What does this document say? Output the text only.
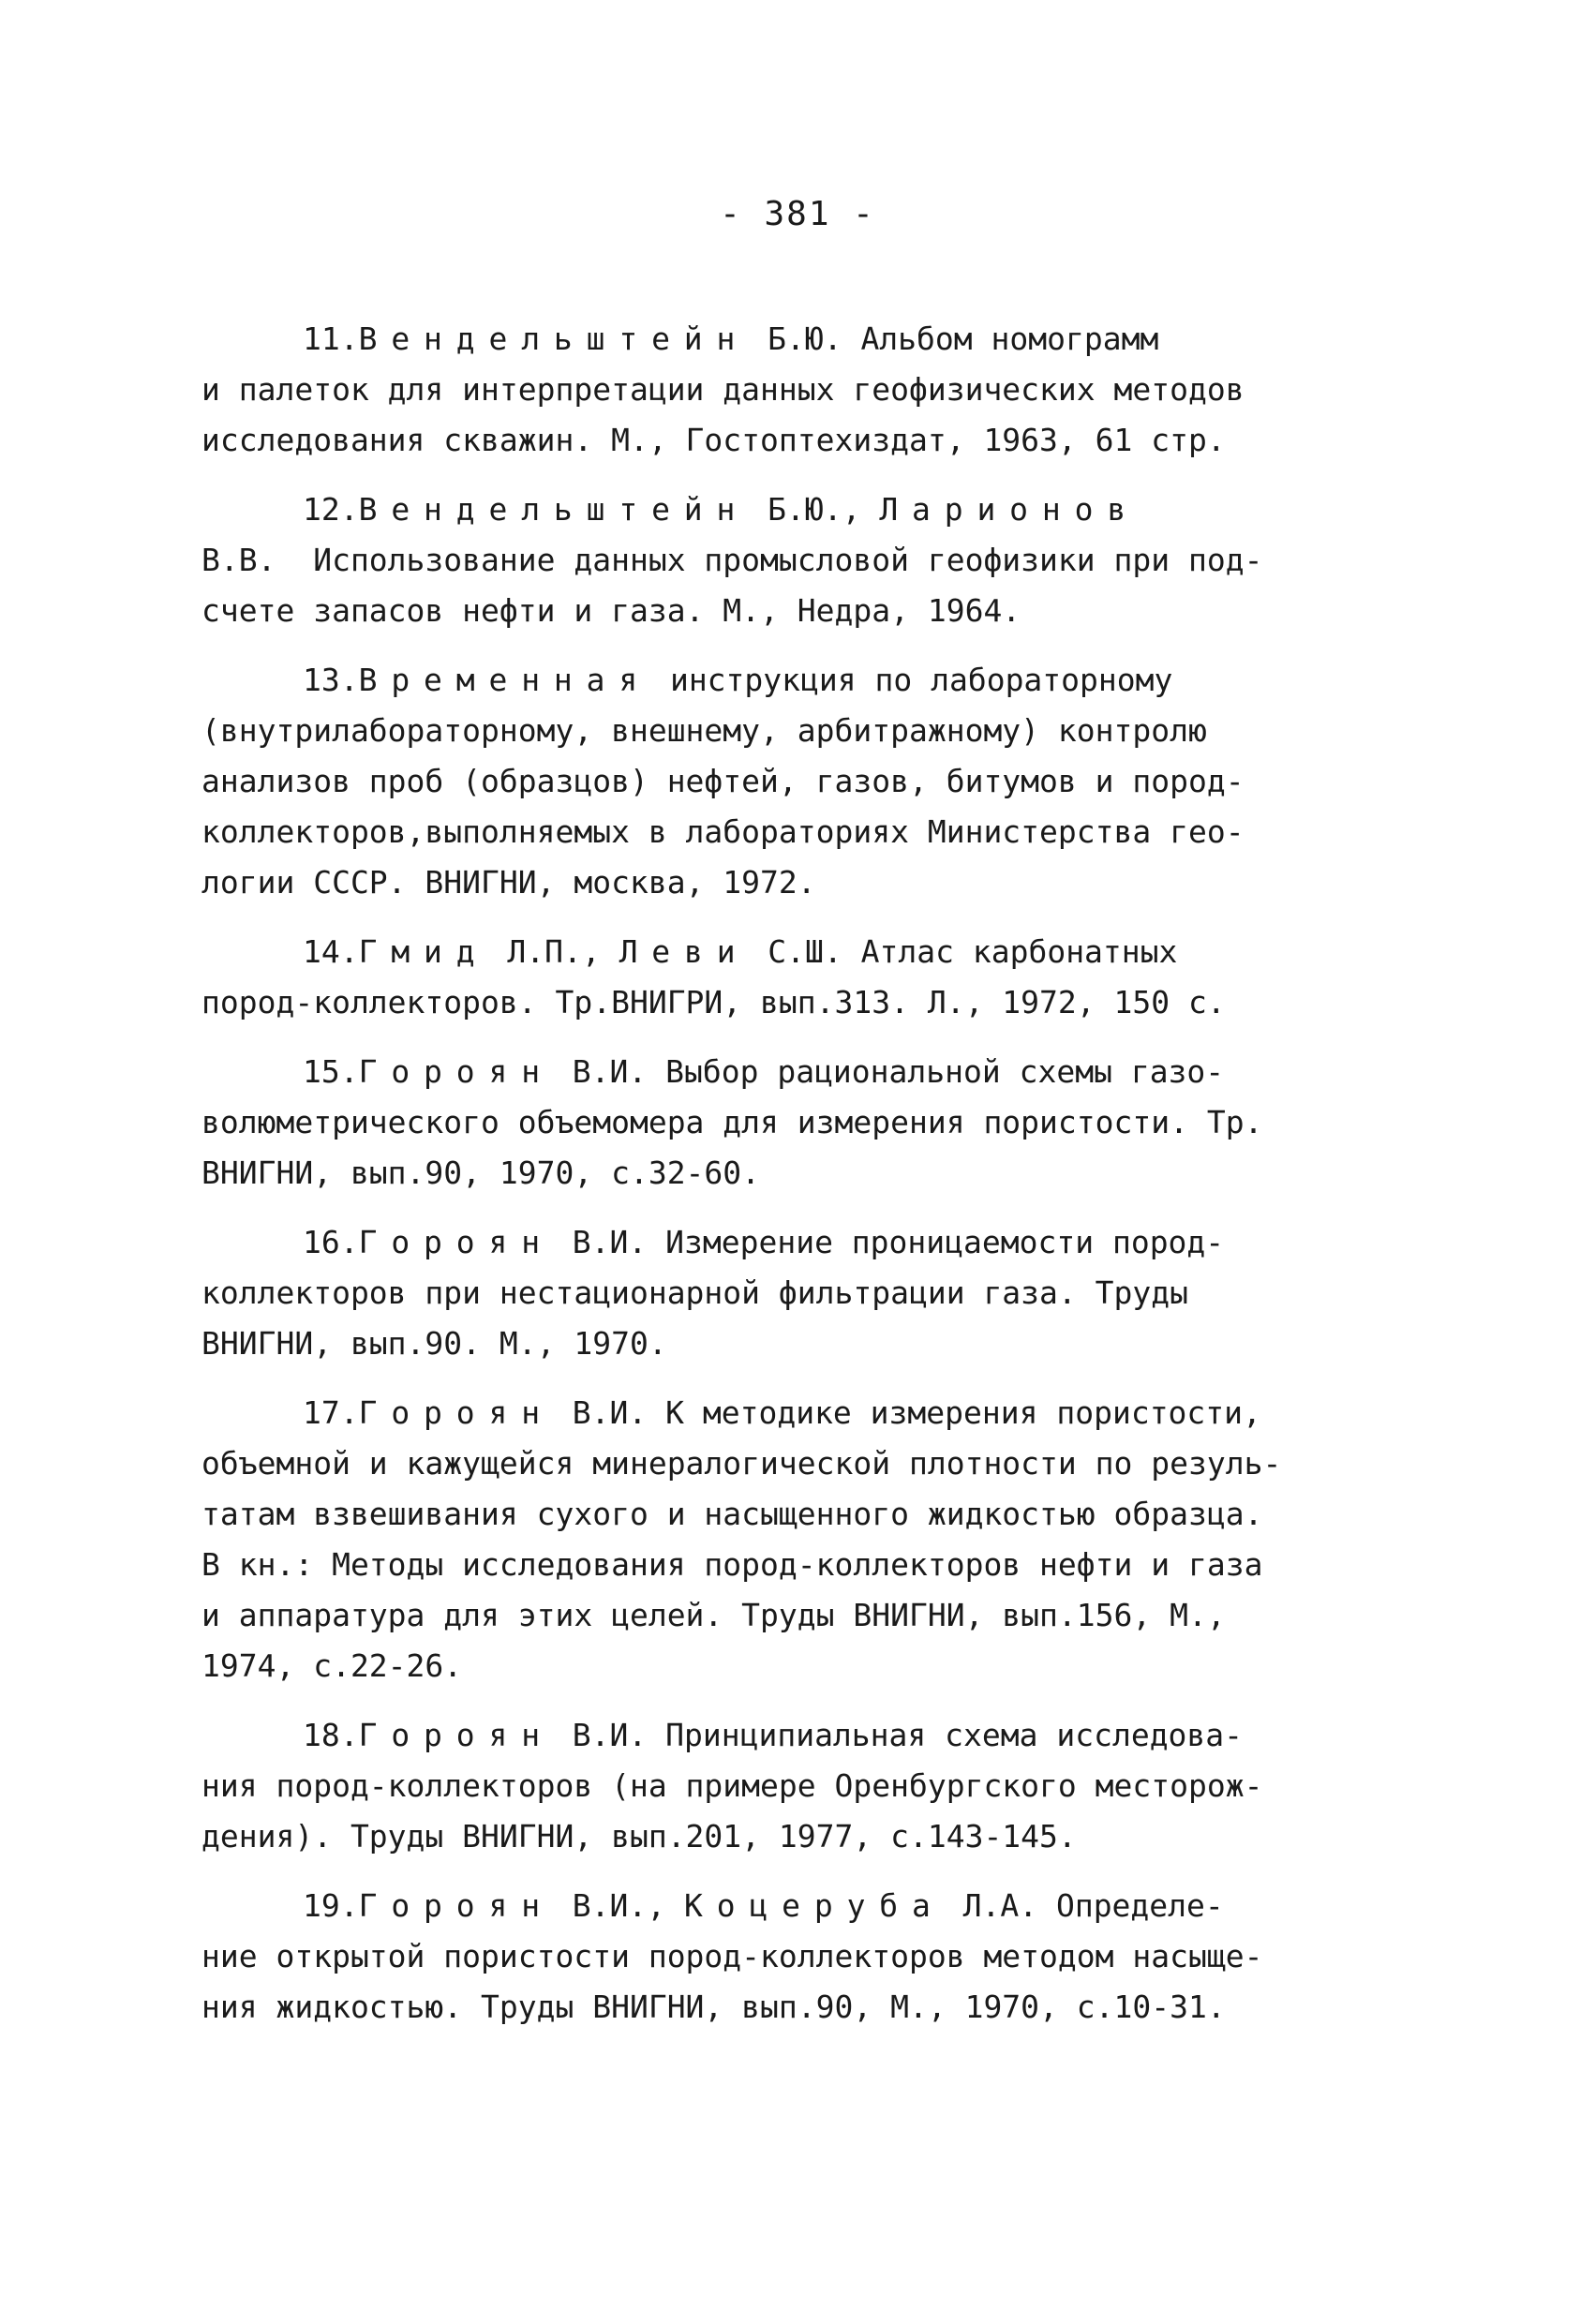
- 381 -
11.Вендельштейн Б.Ю. Альбом номограмм
и палеток для интерпретации данных геофизических методов
исследования скважин. М., Гостоптехиздат, 1963, 61 стр.
12.Вендельштейн Б.Ю., Ларионов
В.В.  Использование данных промысловой геофизики при под-
счете запасов нефти и газа. М., Недра, 1964.
13.Временная инструкция по лабораторному
(внутрилабораторному, внешнему, арбитражному) контролю
анализов проб (образцов) нефтей, газов, битумов и пород-
коллекторов,выполняемых в лабораториях Министерства гео-
логии СССР. ВНИГНИ, москва, 1972.
14.Гмид Л.П., Леви С.Ш. Атлас карбонатных
пород-коллекторов. Тр.ВНИГРИ, вып.313. Л., 1972, 150 с.
15.Гороян В.И. Выбор рациональной схемы газо-
волюметрического объемомера для измерения пористости. Тр.
ВНИГНИ, вып.90, 1970, с.32-60.
16.Гороян В.И. Измерение проницаемости пород-
коллекторов при нестационарной фильтрации газа. Труды
ВНИГНИ, вып.90. М., 1970.
17.Гороян В.И. К методике измерения пористости,
объемной и кажущейся минералогической плотности по резуль-
татам взвешивания сухого и насыщенного жидкостью образца.
В кн.: Методы исследования пород-коллекторов нефти и газа
и аппаратура для этих целей. Труды ВНИГНИ, вып.156, М.,
1974, с.22-26.
18.Гороян В.И. Принципиальная схема исследова-
ния пород-коллекторов (на примере Оренбургского месторож-
дения). Труды ВНИГНИ, вып.201, 1977, с.143-145.
19.Гороян В.И., Коцеруба Л.А. Определе-
ние открытой пористости пород-коллекторов методом насыще-
ния жидкостью. Труды ВНИГНИ, вып.90, М., 1970, с.10-31.
